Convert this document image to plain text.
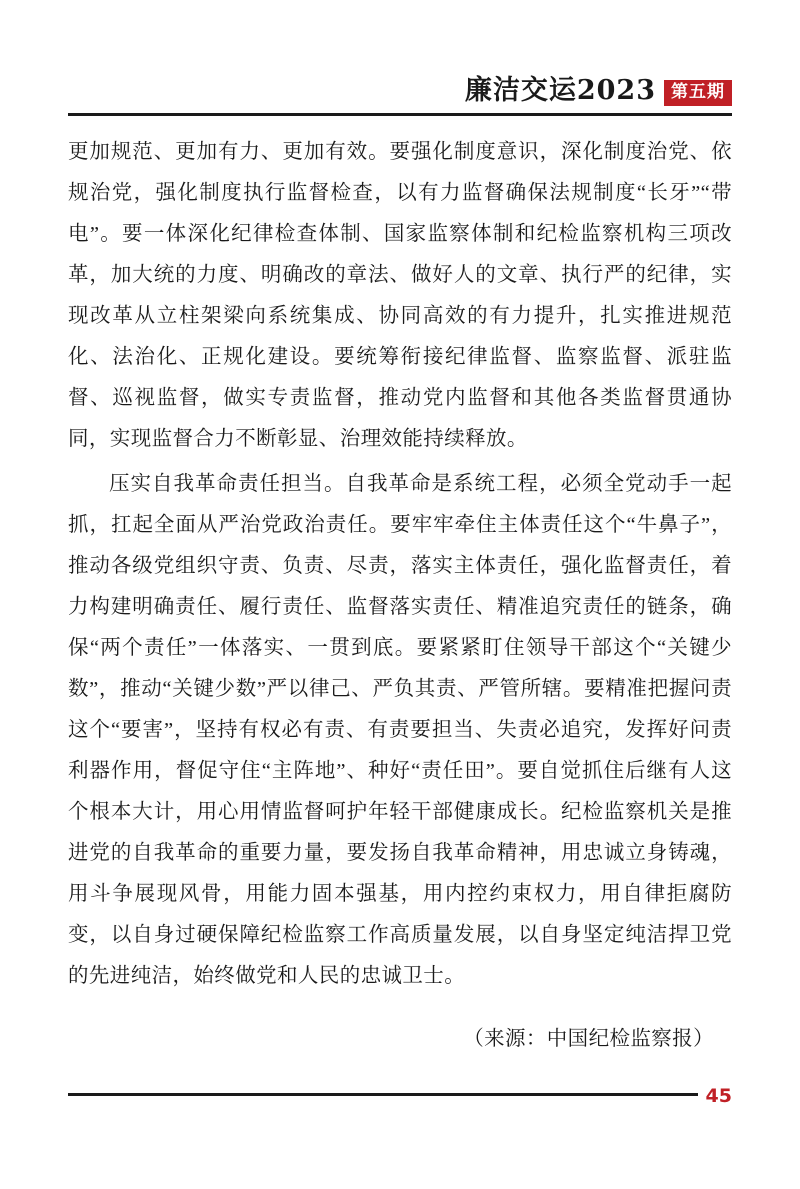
廉洁交运2023 第五期

更加规范、更加有力、更加有效。要强化制度意识，深化制度治党、依规治党，强化制度执行监督检查，以有力监督确保法规制度“长牙”“带电”。要一体深化纪律检查体制、国家监察体制和纪检监察机构三项改革，加大统的力度、明确改的章法、做好人的文章、执行严的纪律，实现改革从立柱架梁向系统集成、协同高效的有力提升，扎实推进规范化、法治化、正规化建设。要统筹衔接纪律监督、监察监督、派驻监督、巡视监督，做实专责监督，推动党内监督和其他各类监督贯通协同，实现监督合力不断彰显、治理效能持续释放。

压实自我革命责任担当。自我革命是系统工程，必须全党动手一起抓，扛起全面从严治党政治责任。要牢牢牵住主体责任这个“牛鼻子”，推动各级党组织守责、负责、尽责，落实主体责任，强化监督责任，着力构建明确责任、履行责任、监督落实责任、精准追究责任的链条，确保“两个责任”一体落实、一贯到底。要紧紧盯住领导干部这个“关键少数”，推动“关键少数”严以律己、严负其责、严管所辖。要精准把握问责这个“要害”，坚持有权必有责、有责要担当、失责必追究，发挥好问责利器作用，督促守住“主阵地”、种好“责任田”。要自觉抓住后继有人这个根本大计，用心用情监督呵护年轻干部健康成长。纪检监察机关是推进党的自我革命的重要力量，要发扬自我革命精神，用忠诚立身铸魂，用斗争展现风骨，用能力固本强基，用内控约束权力，用自律拒腐防变，以自身过硬保障纪检监察工作高质量发展，以自身坚定纯洁捍卫党的先进纯洁，始终做党和人民的忠诚卫士。

（来源：中国纪检监察报）
45
